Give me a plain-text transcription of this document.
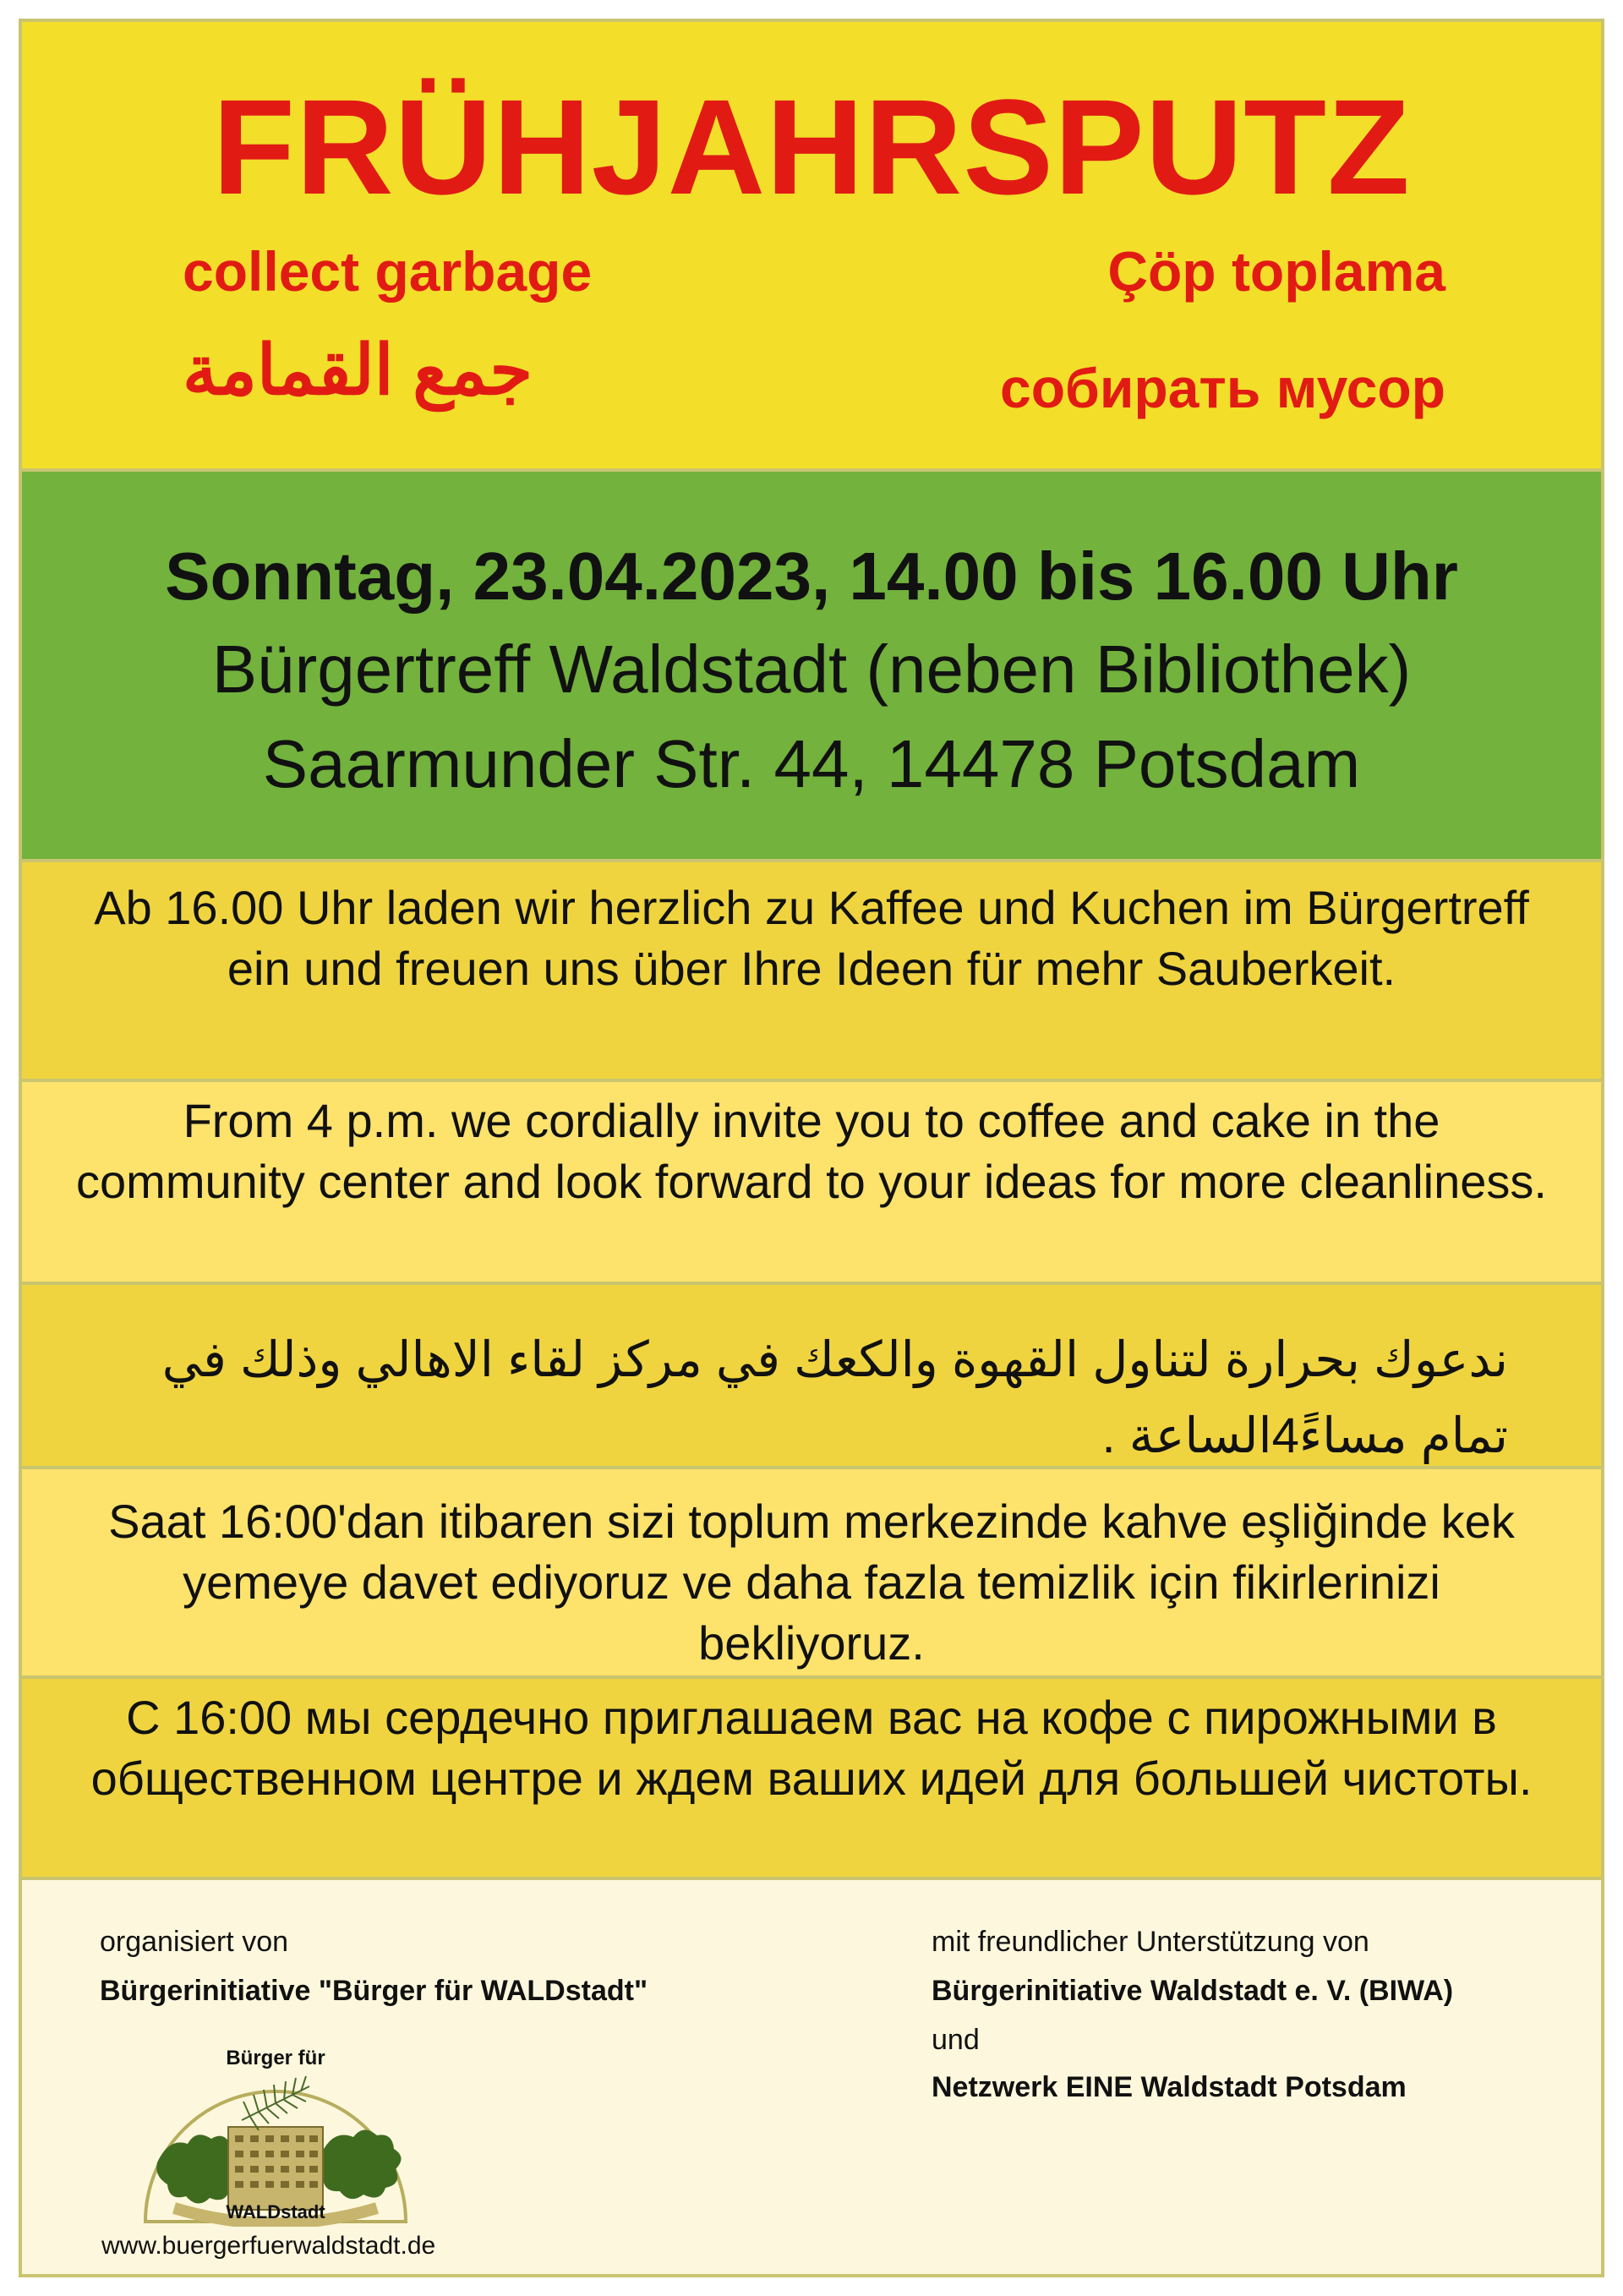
FRÜHJAHRSPUTZ
collect garbage	Çöp toplama
جمع القمامة	собирать мусор
Sonntag, 23.04.2023, 14.00 bis 16.00 Uhr
Bürgertreff Waldstadt (neben Bibliothek)
Saarmunder Str. 44, 14478 Potsdam
Ab 16.00 Uhr laden wir herzlich zu Kaffee und Kuchen im Bürgertreff ein und freuen uns über Ihre Ideen für mehr Sauberkeit.
From 4 p.m. we cordially invite you to coffee and cake in the community center and look forward to your ideas for more cleanliness.
ندعوك بحرارة لتناول القهوة والكعك في مركز لقاء الاهالي وذلك في تمام مساءً4الساعة .
Saat 16:00'dan itibaren sizi toplum merkezinde kahve eşliğinde kek yemeye davet ediyoruz ve daha fazla temizlik için fikirlerinizi bekliyoruz.
С 16:00 мы сердечно приглашаем вас на кофе с пирожными в общественном центре и ждем ваших идей для большей чистоты.
organisiert von
Bürgerinitiative "Bürger für WALDstadt"
Bürger für
WALDstadt
www.buergerfuerwaldstadt.de
mit freundlicher Unterstützung von
Bürgerinitiative Waldstadt e. V. (BIWA)
und
Netzwerk EINE Waldstadt Potsdam
